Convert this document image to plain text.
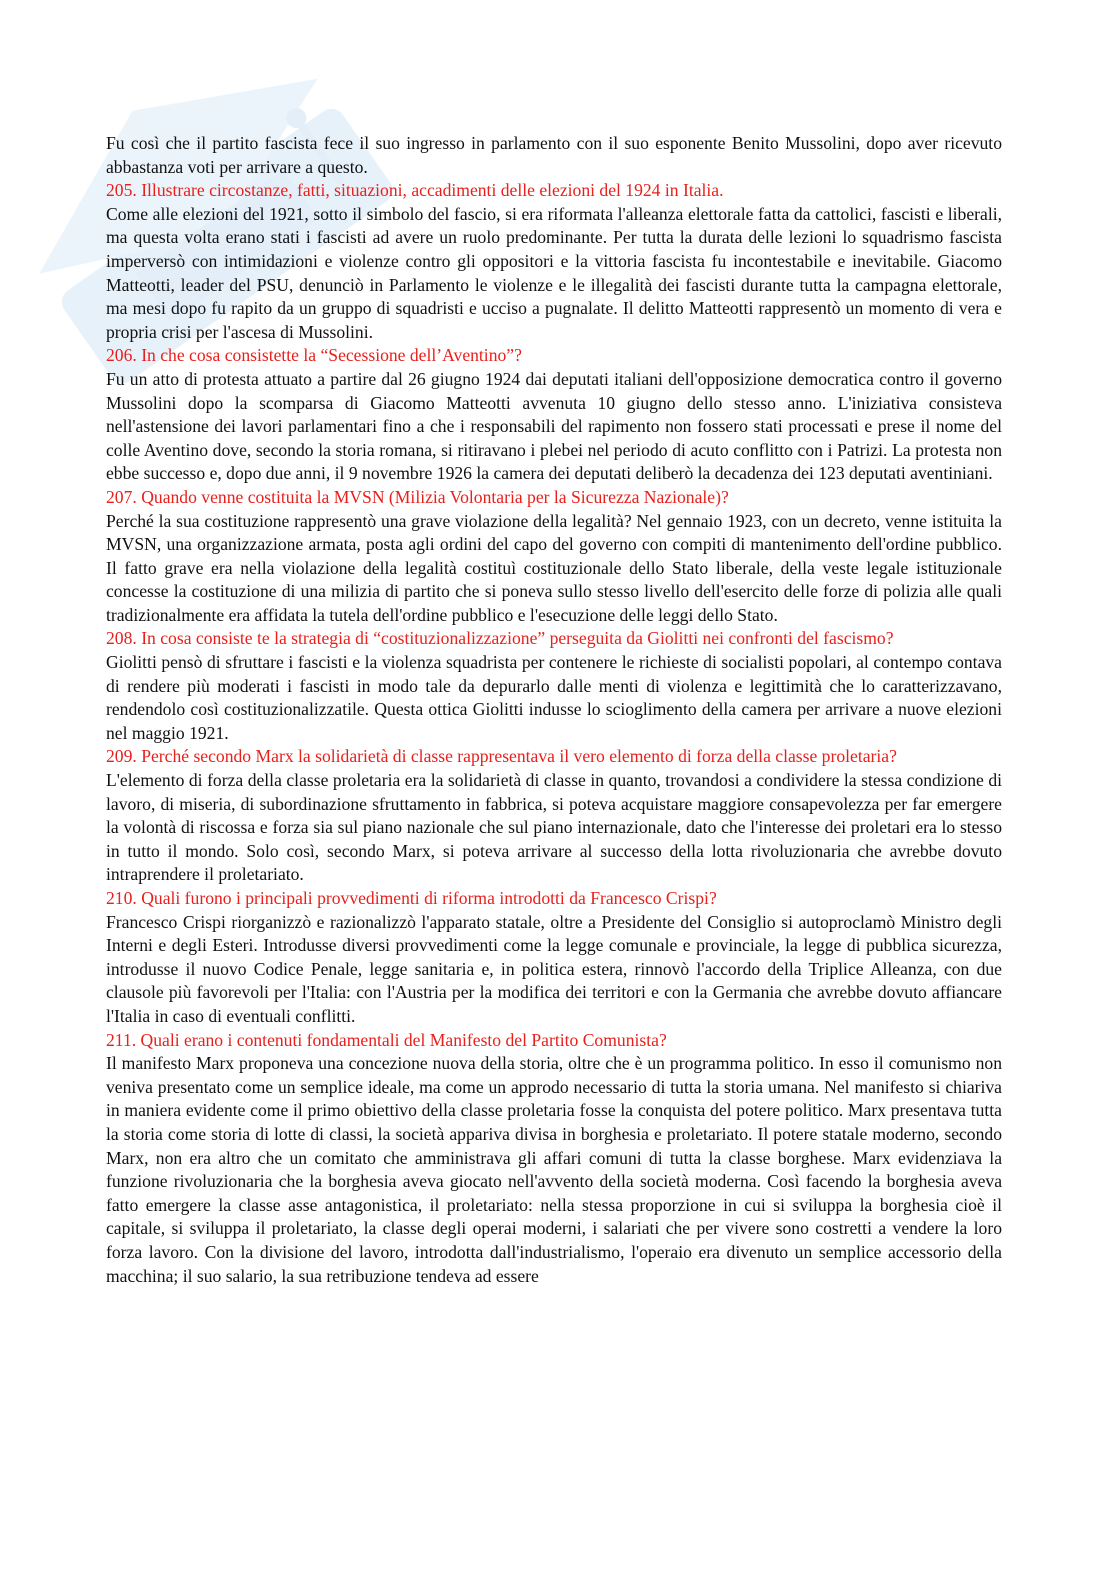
Fu così che il partito fascista fece il suo ingresso in parlamento con il suo esponente Benito Mussolini, dopo aver ricevuto abbastanza voti per arrivare a questo.

205. Illustrare circostanze, fatti, situazioni, accadimenti delle elezioni del 1924 in Italia.

Come alle elezioni del 1921, sotto il simbolo del fascio, si era riformata l'alleanza elettorale fatta da cattolici, fascisti e liberali, ma questa volta erano stati i fascisti ad avere un ruolo predominante. Per tutta la durata delle lezioni lo squadrismo fascista imperversò con intimidazioni e violenze contro gli oppositori e la vittoria fascista fu incontestabile e inevitabile. Giacomo Matteotti, leader del PSU, denunciò in Parlamento le violenze e le illegalità dei fascisti durante tutta la campagna elettorale, ma mesi dopo fu rapito da un gruppo di squadristi e ucciso a pugnalate. Il delitto Matteotti rappresentò un momento di vera e propria crisi per l'ascesa di Mussolini.

206. In che cosa consistette la “Secessione dell’Aventino”?

Fu un atto di protesta attuato a partire dal 26 giugno 1924 dai deputati italiani dell'opposizione democratica contro il governo Mussolini dopo la scomparsa di Giacomo Matteotti avvenuta 10 giugno dello stesso anno. L'iniziativa consisteva nell'astensione dei lavori parlamentari fino a che i responsabili del rapimento non fossero stati processati e prese il nome del colle Aventino dove, secondo la storia romana, si ritiravano i plebei nel periodo di acuto conflitto con i Patrizi. La protesta non ebbe successo e, dopo due anni, il 9 novembre 1926 la camera dei deputati deliberò la decadenza dei 123 deputati aventiniani.

207. Quando venne costituita la MVSN (Milizia Volontaria per la Sicurezza Nazionale)?

Perché la sua costituzione rappresentò una grave violazione della legalità? Nel gennaio 1923, con un decreto, venne istituita la MVSN, una organizzazione armata, posta agli ordini del capo del governo con compiti di mantenimento dell'ordine pubblico. Il fatto grave era nella violazione della legalità costituì costituzionale dello Stato liberale, della veste legale istituzionale concesse la costituzione di una milizia di partito che si poneva sullo stesso livello dell'esercito delle forze di polizia alle quali tradizionalmente era affidata la tutela dell'ordine pubblico e l'esecuzione delle leggi dello Stato.

208. In cosa consiste te la strategia di “costituzionalizzazione” perseguita da Giolitti nei confronti del fascismo?

Giolitti pensò di sfruttare i fascisti e la violenza squadrista per contenere le richieste di socialisti popolari, al contempo contava di rendere più moderati i fascisti in modo tale da depurarlo dalle menti di violenza e legittimità che lo caratterizzavano, rendendolo così costituzionalizzatile. Questa ottica Giolitti indusse lo scioglimento della camera per arrivare a nuove elezioni nel maggio 1921.

209. Perché secondo Marx la solidarietà di classe rappresentava il vero elemento di forza della classe proletaria?

L'elemento di forza della classe proletaria era la solidarietà di classe in quanto, trovandosi a condividere la stessa condizione di lavoro, di miseria, di subordinazione sfruttamento in fabbrica, si poteva acquistare maggiore consapevolezza per far emergere la volontà di riscossa e forza sia sul piano nazionale che sul piano internazionale, dato che l'interesse dei proletari era lo stesso in tutto il mondo. Solo così, secondo Marx, si poteva arrivare al successo della lotta rivoluzionaria che avrebbe dovuto intraprendere il proletariato.

210. Quali furono i principali provvedimenti di riforma introdotti da Francesco Crispi?

Francesco Crispi riorganizzò e razionalizzò l'apparato statale, oltre a Presidente del Consiglio si autoproclamò Ministro degli Interni e degli Esteri. Introdusse diversi provvedimenti come la legge comunale e provinciale, la legge di pubblica sicurezza, introdusse il nuovo Codice Penale, legge sanitaria e, in politica estera, rinnovò l'accordo della Triplice Alleanza, con due clausole più favorevoli per l'Italia: con l'Austria per la modifica dei territori e con la Germania che avrebbe dovuto affiancare l'Italia in caso di eventuali conflitti.

211. Quali erano i contenuti fondamentali del Manifesto del Partito Comunista?

Il manifesto Marx proponeva una concezione nuova della storia, oltre che è un programma politico. In esso il comunismo non veniva presentato come un semplice ideale, ma come un approdo necessario di tutta la storia umana. Nel manifesto si chiariva in maniera evidente come il primo obiettivo della classe proletaria fosse la conquista del potere politico. Marx presentava tutta la storia come storia di lotte di classi, la società appariva divisa in borghesia e proletariato. Il potere statale moderno, secondo Marx, non era altro che un comitato che amministrava gli affari comuni di tutta la classe borghese. Marx evidenziava la funzione rivoluzionaria che la borghesia aveva giocato nell'avvento della società moderna. Così facendo la borghesia aveva fatto emergere la classe asse antagonistica, il proletariato: nella stessa proporzione in cui si sviluppa la borghesia cioè il capitale, si sviluppa il proletariato, la classe degli operai moderni, i salariati che per vivere sono costretti a vendere la loro forza lavoro. Con la divisione del lavoro, introdotta dall'industrialismo, l'operaio era divenuto un semplice accessorio della macchina; il suo salario, la sua retribuzione tendeva ad essere
